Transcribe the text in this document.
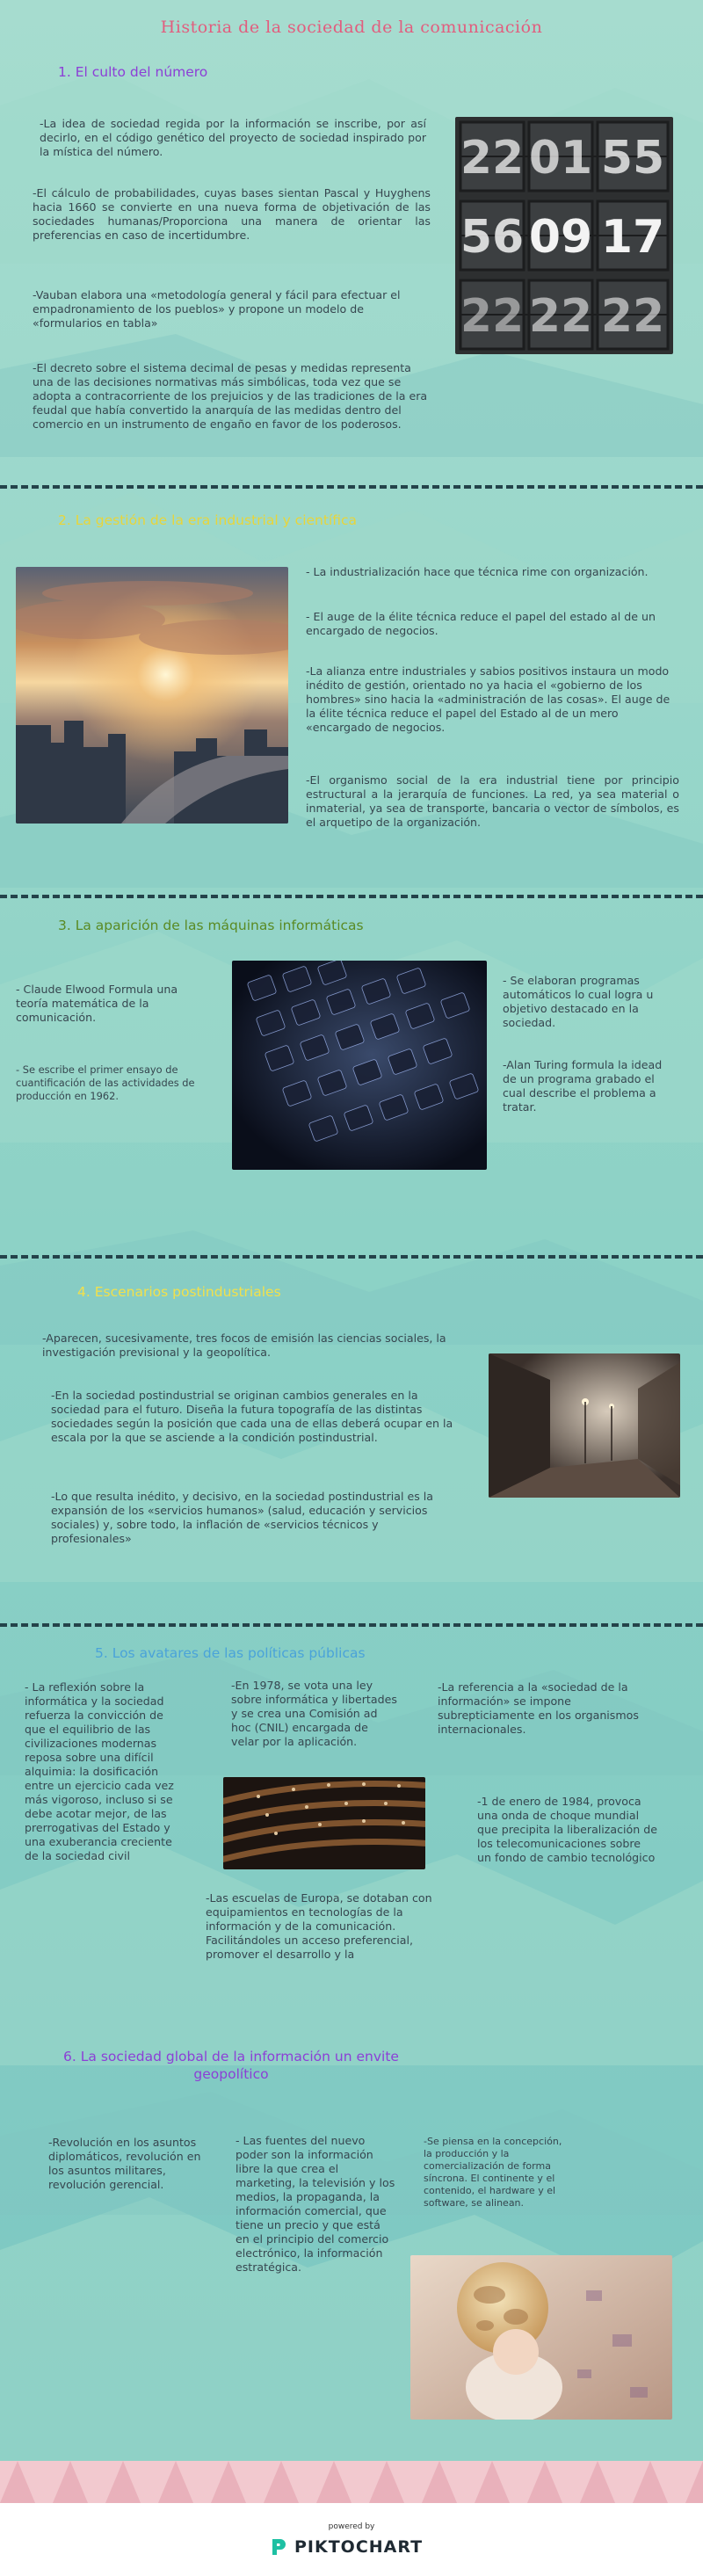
Historia de la sociedad de la comunicación
1. El culto del número
-La idea de sociedad regida por la información se inscribe, por así decirlo, en el código genético del proyecto de sociedad inspirado por la mística del número.
-El cálculo de probabilidades, cuyas bases sientan Pascal y Huyghens hacia 1660 se convierte en una nueva forma de objetivación de las sociedades humanas/Proporciona una manera de orientar las preferencias en caso de incertidumbre.
-Vauban elabora una «metodología general y fácil para efectuar el empadronamiento de los pueblos» y propone un modelo de «formularios en tabla»
-El decreto sobre el sistema decimal de pesas y medidas representa una de las decisiones normativas más simbólicas, toda vez que se adopta a contracorriente de los prejuicios y de las tradiciones de la era feudal que había convertido la anarquía de las medidas dentro del comercio en un instrumento de engaño en favor de los poderosos.
22 01 55
56 09 17
22 22 22
2. La gestión de la era industrial y científica
- La industrialización hace que técnica rime con organización.
- El auge de la élite técnica reduce el papel del estado al de un encargado de negocios.
-La alianza entre industriales y sabios positivos instaura un modo inédito de gestión, orientado no ya hacia el «gobierno de los hombres» sino hacia la «administración de las cosas». El auge de la élite técnica reduce el papel del Estado al de un mero «encargado de negocios.
-El organismo social de la era industrial tiene por principio estructural a la jerarquía de funciones. La red, ya sea material o inmaterial, ya sea de transporte, bancaria o vector de símbolos, es el arquetipo de la organización.
3. La aparición de las máquinas informáticas
- Claude Elwood Formula una teoría matemática de la comunicación.
- Se escribe el primer ensayo de cuantificación de las actividades de producción en 1962.
- Se elaboran programas automáticos lo cual logra u objetivo destacado en la sociedad.
-Alan Turing formula la idead de un programa grabado el cual describe el problema a tratar.
4. Escenarios postindustriales
-Aparecen, sucesivamente, tres focos de emisión las ciencias sociales, la investigación previsional y la geopolítica.
-En la sociedad postindustrial se originan cambios generales en la sociedad para el futuro. Diseña la futura topografía de las distintas sociedades según la posición que cada una de ellas deberá ocupar en la escala por la que se asciende a la condición postindustrial.
-Lo que resulta inédito, y decisivo, en la sociedad postindustrial es la expansión de los «servicios humanos» (salud, educación y servicios sociales) y, sobre todo, la inflación de «servicios técnicos y profesionales»
5. Los avatares de las políticas públicas
- La reflexión sobre la informática y la sociedad refuerza la convicción de que el equilibrio de las civilizaciones modernas reposa sobre una difícil alquimia: la dosificación entre un ejercicio cada vez más vigoroso, incluso si se debe acotar mejor, de las prerrogativas del Estado y una exuberancia creciente de la sociedad civil
-En 1978, se vota una ley sobre informática y libertades y se crea una Comisión ad hoc (CNIL) encargada de velar por la aplicación.
-La referencia a la «sociedad de la información» se impone subrepticiamente en los organismos internacionales.
-1 de enero de 1984, provoca una onda de choque mundial que precipita la liberalización de los telecomunicaciones sobre un fondo de cambio tecnológico
-Las escuelas de Europa, se dotaban con equipamientos en tecnologías de la información y de la comunicación. Facilitándoles un acceso preferencial, promover el desarrollo y la
6. La sociedad global de la información un envite geopolítico
-Revolución en los asuntos diplomáticos, revolución en los asuntos militares, revolución gerencial.
- Las fuentes del nuevo poder son la información libre la que crea el marketing, la televisión y los medios, la propaganda, la información comercial, que tiene un precio y que está en el principio del comercio electrónico, la información estratégica.
-Se piensa en la concepción, la producción y la comercialización de forma síncrona. El continente y el contenido, el hardware y el software, se alinean.
powered by
PIKTOCHART
